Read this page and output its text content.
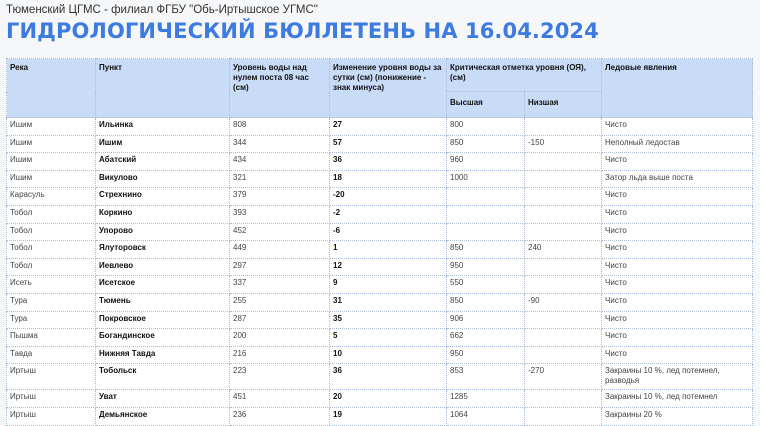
Тюменский ЦГМС - филиал ФГБУ "Обь-Иртышское УГМС"
ГИДРОЛОГИЧЕСКИЙ БЮЛЛЕТЕНЬ НА 16.04.2024
Река	Пункт	Уровень воды над нулем поста 08 час (см)	Изменение уровня воды за сутки (см) (понижение - знак минуса)	Критическая отметка уровня (ОЯ), (см)		Ледовые явления
				Высшая	Низшая	
Ишим	Ильинка	808	27	800		Чисто
Ишим	Ишим	344	57	850	-150	Неполный ледостав
Ишим	Абатский	434	36	960		Чисто
Ишим	Викулово	321	18	1000		Затор льда выше поста
Карасуль	Стрехнино	379	-20			Чисто
Тобол	Коркино	393	-2			Чисто
Тобол	Упорово	452	-6			Чисто
Тобол	Ялуторовск	449	1	850	240	Чисто
Тобол	Иевлево	297	12	950		Чисто
Исеть	Исетское	337	9	550		Чисто
Тура	Тюмень	255	31	850	-90	Чисто
Тура	Покровское	287	35	906		Чисто
Пышма	Богандинское	200	5	662		Чисто
Тавда	Нижняя Тавда	216	10	950		Чисто
Иртыш	Тобольск	223	36	853	-270	Закраины 10 %, лед потемнел, разводья
Иртыш	Уват	451	20	1285		Закраины 10 %, лед потемнел
Иртыш	Демьянское	236	19	1064		Закраины 20 %
